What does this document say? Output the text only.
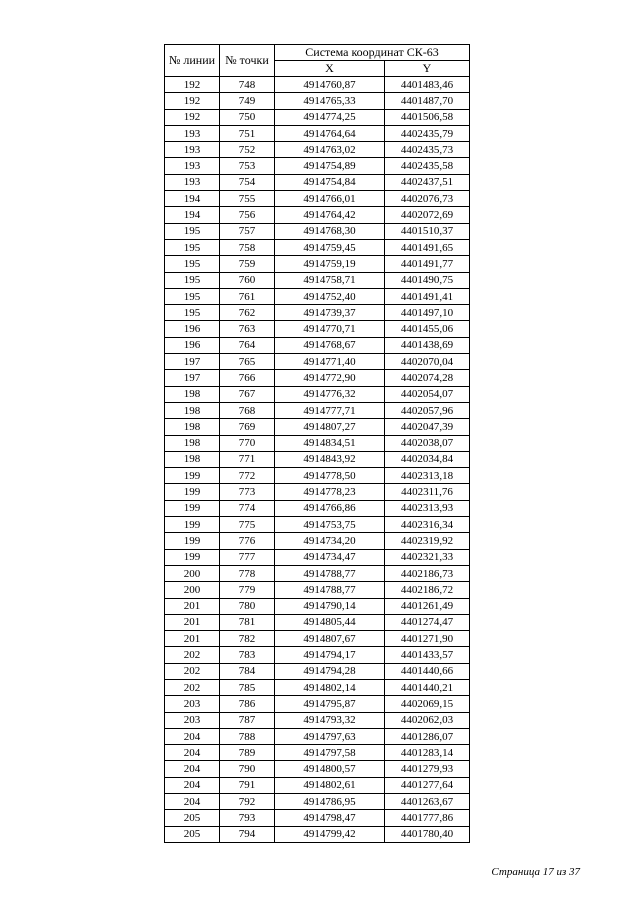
№ линии	№ точки	Система координат СК-63	
		X	Y
192	748	4914760,87	4401483,46
192	749	4914765,33	4401487,70
192	750	4914774,25	4401506,58
193	751	4914764,64	4402435,79
193	752	4914763,02	4402435,73
193	753	4914754,89	4402435,58
193	754	4914754,84	4402437,51
194	755	4914766,01	4402076,73
194	756	4914764,42	4402072,69
195	757	4914768,30	4401510,37
195	758	4914759,45	4401491,65
195	759	4914759,19	4401491,77
195	760	4914758,71	4401490,75
195	761	4914752,40	4401491,41
195	762	4914739,37	4401497,10
196	763	4914770,71	4401455,06
196	764	4914768,67	4401438,69
197	765	4914771,40	4402070,04
197	766	4914772,90	4402074,28
198	767	4914776,32	4402054,07
198	768	4914777,71	4402057,96
198	769	4914807,27	4402047,39
198	770	4914834,51	4402038,07
198	771	4914843,92	4402034,84
199	772	4914778,50	4402313,18
199	773	4914778,23	4402311,76
199	774	4914766,86	4402313,93
199	775	4914753,75	4402316,34
199	776	4914734,20	4402319,92
199	777	4914734,47	4402321,33
200	778	4914788,77	4402186,73
200	779	4914788,77	4402186,72
201	780	4914790,14	4401261,49
201	781	4914805,44	4401274,47
201	782	4914807,67	4401271,90
202	783	4914794,17	4401433,57
202	784	4914794,28	4401440,66
202	785	4914802,14	4401440,21
203	786	4914795,87	4402069,15
203	787	4914793,32	4402062,03
204	788	4914797,63	4401286,07
204	789	4914797,58	4401283,14
204	790	4914800,57	4401279,93
204	791	4914802,61	4401277,64
204	792	4914786,95	4401263,67
205	793	4914798,47	4401777,86
205	794	4914799,42	4401780,40
Страница 17 из 37
